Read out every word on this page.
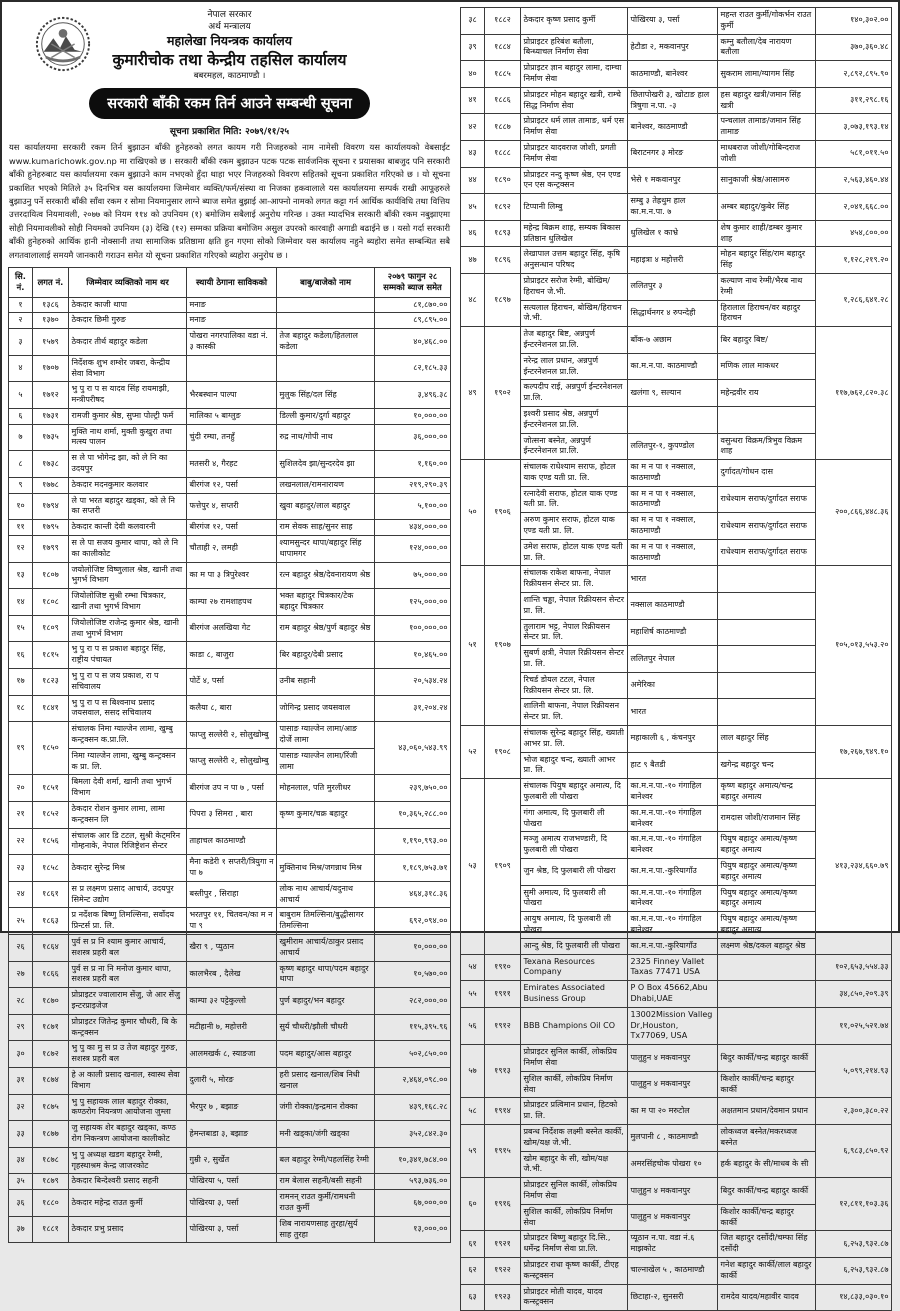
नेपाल सरकार
अर्थ मन्त्रालय
महालेखा नियन्त्रक कार्यालय
कुमारीचोक तथा केन्द्रीय तहसिल कार्यालय
बबरमहल, काठमाण्डौ ।
सरकारी बाँकी रकम तिर्न आउने सम्बन्धी सूचना
सूचना प्रकाशित मिति: २०७९/११/२५

यस कार्यालयमा सरकारी रकम तिर्न बुझाउन बाँकी हुनेहरुको लगत कायम गरी निजहरुको नाम नामेसी विवरण यस कार्यालयको वेबसाईट www.kumarichowk.gov.np मा राखिएको छ । सरकारी बाँकी रकम बुझाउन पटक पटक सार्वजनिक सूचना र प्रयासका बाबजुद पनि सरकारी बाँकी हुनेहरुबाट यस कार्यालयमा रकम बुझाउने काम नभएको हुँदा थाहा भएर निजहरुको विवरण सहितको सूचना प्रकाशित गरिएको छ । यो सूचना प्रकाशित भएको मितिले ३५ दिनभित्र यस कार्यालयमा जिम्मेवार व्यक्ति/फर्म/संस्था वा निजका हकवालाले यस कार्यालयमा सम्पर्क राखी आफूहरुले बुझाउनु पर्ने सरकारी बाँकी साँवा रकम र सोमा नियमानुसार लाग्ने ब्याज समेत बुझाई आ-आफ्नो नामको लगत कट्टा गर्न आर्थिक कार्यविधि तथा वित्तिय उत्तरदायित्व नियमावली, २०७७ को नियम ११४ को उपनियम (१) बमोजिम सबैलाई अनुरोध गरिन्छ । उक्त म्यादभित्र सरकारी बाँकी रकम नबुझाएमा सोही नियमावलीको सोही नियमको उपनियम (३) देखि (१२) सम्मका प्रक्रिया बमोजिम असुल उपरको कारवाही अगाडी बढाईने छ । यसो गर्दा सरकारी बाँकी हुनेहरुको आर्थिक हानी नोक्सानी तथा सामाजिक प्रतिष्ठामा क्षति हुन गएमा सोको जिम्मेवार यस कार्यालय नहुने ब्यहोरा समेत सम्बन्धित सबै लगतवालालाई समयमै जानकारी गराउन समेत यो सूचना प्रकाशित गरिएको ब्यहोरा अनुरोध छ ।

सि. नं.	लगत नं.	जिम्मेवार व्यक्तिको नाम थर	स्थायी ठेगाना साविकको	बाबु/बाजेको नाम	२०७९ फागुन २८ सम्मको ब्याज समेत
१	१३८६	ठेकदार काजी थापा	मनाङ		८१,८७०.००
२	१३७०	ठेकदार छिमी गुरुङ	मनाङ		८९,८९५.००
३	१५७९	ठेकदार तीर्थ बहादुर कडेला	पोखरा नगरपालिका वडा नं. ३ कास्की	तेज बहादुर कडेला/हितलाल कडेला	४०,४६८.००
४	१७०७	निर्देशक शुभ शम्शेर जबरा, केन्द्रीय सेवा विभाग			८२,१८५.३३
५	१७१२	भु पु रा प स यादव सिंह रायमाझी, मन्त्रीपरीषद	भैरबस्थान पाल्पा	मुलुक सिंह/दल सिंह	३,४९६.३८
६	१७३१	रामजी कुमार श्रेष्ठ, सुप्मा पोल्ट्री फर्म	मालिका ५ बाग्लुङ	डिल्ली कुमार/दुर्गा बहादुर	१०,०००.००
७	१७३५	मुक्ति नाथ शर्मा, मुक्ती कुखुरा तथा मत्स्य पालन	चुंदी रम्घा, तनहुँ	रुद्र नाथ/गोपी नाथ	३६,०००.००
८	१७३८	स ले पा भोगेन्द्र झा, को ले नि का उदयपुर	मतसरी ४, गैरहट	सुशिलदेव झा/सुन्दरदेव झा	१,१६०.००
९	१७७८	ठेकदार मदनकुमार कलवार	बीरगंज १२, पर्सा	लखनलाल/रामनारायण	२१९,२९०.३९
१०	१७९४	ले पा भरत बहादुर खड्का, को ले नि का सप्तरी	फत्तेपुर ४, सप्तरी	खुवा बहादुर/लाल बहादुर	५,१००.००
११	१७९५	ठेकदार कान्ती देवी कलवारनी	बीरगंज १२, पर्सा	राम सेवक साह/सुनर साह	४३४,०००.००
१२	१७९९	स ले पा सजय कुमार थापा, को ले नि का कालीकोट	चौताही २, लमही	श्यामसुन्दर थापा/बहादुर सिंह थापामगर	१२४,०००.००
१३	१८०७	जयोलोजिष्ट विष्णुलाल श्रेष्ठ, खानी तथा भुगर्भ विभाग	का म पा ३ त्रिपुरेश्वर	रत्न बहादुर श्रेष्ठ/देवनारायण श्रेष्ठ	७५,०००.००
१४	१८०८	जियोलोजिष्ट सुश्री रम्भा चित्रकार, खानी तथा भुगर्भ विभाग	काम्पा २७ रामशाहपथ	भक्त बहादुर चित्रकार/टेक बहादुर चित्रकार	१२५,०००.००
१५	१८०९	जियोलोजिष्ट राजेन्द्र कुमार श्रेष्ठ, खानी तथा भुगर्भ विभाग	बीरगंज अलखिया गेट	राम बहादुर श्रेष्ठ/पुर्ण बहादुर श्रेष्ठ	१००,०००.००
१६	१८१५	भु पु रा प स प्रकाश बहादुर सिंह, राष्ट्रीय पंचायत	काडा ८, बाजुरा	बिर बहादुर/देबी प्रसाद	१०,४६५.००
१७	१८२३	भु पु रा प स जय प्रकाश, रा प सचिवालय	पोर्टे ४, पर्सा	उनीब सहानी	२०,५३४.२४
१८	१८४१	भु पु रा प स बिश्वनाथ प्रसाद जयसवाल, ससद सचिवालय	कलैया ८, बारा	जोगिन्द्र प्रसाद जयसवाल	३१,२०४.२४
१९	१८५०	संचालक निमा ग्याल्जेन लामा, खुम्बु कन्ट्रक्सन क.प्रा.लि.	फाप्लु सल्लेरी २, सोलुखोम्बु	पासाङ ग्याल्जेन लामा/आङ दोर्जे लामा	४३,०६०,५४३.९९
		निमा ग्याल्जेन लामा, खुम्बु कन्ट्रक्सन क प्रा. लि.	फाप्लु सल्लेरी २, सोलुखोम्बु	पासाङ ग्याल्जेन लामा/रिंजी लामा	
२०	१८५१	बिमला देवी शर्मा, खानी तथा भुगर्भ विभाग	बीरगंज उप न पा ७ , पर्सा	मोहनलाल, पति मुरलीधर	२३९,७५०.००
२१	१८५२	ठेकदार रोशन कुमार लामा, लामा कन्ट्रक्सन लि	पिपरा ३ सिमरा , बारा	कृष्ण कुमार/चक्र बहादुर	१०,३६५,२८८.००
२२	१८५६	संचालक आर डि टटल, सुश्री केट्मरिन गोम्हनाके, नेपाल रिजिष्ट्रेशन सेन्टर	ताहाचल काठमाण्डौ		१,१९०,९९३.००
२३	१८५८	ठेकदार सुरेन्द्र मिश्र	मैना कडेरी १ सप्तरी/त्रियुगा न पा ७	मुक्तिनाथ मिश्र/जगन्नाथ मिश्र	१,१८९,७५३.७१
२४	१८६१	स प्र लक्ष्मण प्रसाद आचार्य, उदयपुर सिमेन्ट उद्योग	बस्तीपुर , सिराहा	लोक नाथ आचार्य/यदुनाथ आचार्य	४६४,३१८.३६
२५	१८६३	प्र नर्देशक बिष्णु तिमल्सिना, सर्वोदय प्रिन्टर्स प्रा. लि.	भरतपुर ११, चितवन/का म न पा ९	बाबुराम तिमल्सिना/बुद्धीसागर तिमल्सिना	६९२,०९४.००
२६	१८६४	पुर्व स प्र नि श्याम कुमार आचार्य, सशस्त्र प्रहरी बल	खैरा ९ , प्युठान	खुमीराम आचार्य/ठाकुर प्रसाद आचार्य	१०,०००.००
२७	१८६६	पुर्व स प्र ना नि मनोज कुमार थापा, सशस्त्र प्रहरी बल	कालभैरब , दैलेख	कृष्ण बहादुर थापा/पदम बहादुर थापा	१०,५७०.००
२८	१८७०	प्रोप्राइटर ज्वालाराम सेंजु, जे आर सेंजु इन्टरप्राइजेज	काम्पा ३२ पट्टेकुल्लो	पुर्ण बहादुर/भन बहादुर	२८२,०००.००
२९	१८७१	प्रोप्राइटर जितेन्द्र कुमार चौधरी, बि के कन्ट्रक्सन	मटीहानी ७, महोत्तरी	सुर्य चौधरी/झौली चौधरी	११५,३९५.९६
३०	१८७२	भु पु का मु स प्र उ तेज बहादुर गुरुङ, सशस्त्र प्रहरी बल	आलमखर्क ८, स्याङजा	पदम बहादुर/आस बहादुर	५०२,८५०.००
३१	१८७४	हे अ काली प्रसाद खनाल, स्वास्थ सेवा विभाग	दुलारी ५, मोरङ	हरी प्रसाद खनाल/शिब निधी खनाल	२,४६४,०९८.००
३२	१८७५	भु पु सहायक लाल बहादुर रोक्का, कण्ठरोग नियन्त्रण आयोजना जुम्ला	भैरपुर ७ , बझाङ	जंगी रोक्का/इन्द्रमान रोक्का	४३९,१६८.२८
३३	१८७७	जु सहायक शेर बहादुर खड्का, कण्ठ रोग निकन्त्रण आयोजना कालीकोट	हेमन्तबाडा ३, बझाङ	मनी खड्का/जंगी खड्का	३५२,८४२.३०
३४	१८७८	भु पु अध्यक्ष खडग बहादुर रेग्मी, गृहस्थाश्रम केन्द्र जाजरकोट	गुम्री २, सुर्खेत	बल बहादुर रेग्मी/पहलसिंह रेग्मी	१०,३४१,७८४.००
३५	१८७९	ठेकदार बिन्देश्वरी प्रसाद सहनी	पोखिरया ५, पर्सा	राम बेलास सहनी/बसी सहनी	५९३,७३६.००
३६	१८८०	ठेकदार महेन्द्र राउत कुर्मी	पोखिरया ३, पर्सा	रामनन् राउत कुर्मी/रामधनी राउत कुर्मी	६७,०००.००
३७	१८८१	ठेकदार प्रभु प्रसाद	पोखिरया ३, पर्सा	शिब नारायणसाह तुरहा/सुर्य साह तुरहा	१३,०००.००
३८	१८८२	ठेकदार कृष्ण प्रसाद कुर्मी	पोखिरया ३, पर्सा	महन्त राउत कुर्मी/गोकर्भन राउत कुर्मी	१४०,३०२.००
३९	१८८४	प्रोप्राइटर हरिबंश बतौला, बिन्ध्याचल निर्माण सेवा	हेटौडा २, मकवानपुर	कम्नु बतौला/देब नारायण बतौला	३७०,३६०.४८
४०	१८८५	प्रोप्राइटर ज्ञान बहादुर लामा, दाम्चा निर्माण सेवा	काठमाण्डौ, बानेश्वर	सुकराम लामा/ग्यागम सिंह	२,८९२,८९५.९०
४१	१८८६	प्रोप्राइटर मोहन बहादुर खत्री, राम्चे सिद्ध निर्माण सेवा	छितापोखरी ३, खोटाङ हाल त्रिषुगा न.पा. -३	हस बहादुर खत्री/जमान सिंह खत्री	३११,२९८.१६
४२	१८८७	प्रोप्राइटर धर्म लाल तामाङ, धर्म एस निर्माण सेवा	बानेश्वर, काठमाण्डौ	पन्चलाल तामाङ/जमान सिंह तामाङ	३,०७३,१९३.१४
४३	१८८८	प्रोप्राइटर यादवराज जोशी, प्रगती निर्माण सेवा	बिराटनगर ३ मोरङ	माधबराज जोशी/गोबिन्दराज जोशी	५८१,०११.५०
४४	१८९०	प्रोप्राइटर नन्दु कृष्ण श्रेष्ठ, एन एण्ड एन एस कन्ट्रक्सन	भेसे १ मकवानपुर	सानुकाजी श्रेष्ठ/आसामरु	२,५६३,४६०.४४
४५	१८९२	टिप्पानी लिम्बु	सम्बु ३ तेह्रथुम हाल का.म.न.पा. ७	अम्बर बहादुर/कुबेर सिंह	२,०४१,६६८.००
४६	१८९३	महेन्द्र बिक्रम शाह, सम्यक बिकास प्रतिष्ठान धुलिखेल	धुलिखेल १ काभ्रे	शेष कुमार शाही/डम्बर कुमार शाह	४५४,८००.००
४७	१८९६	लेखापाल उत्तम बहादुर सिंह, कृषि अनुसन्धान परिषद	महाइत्रा ४ महोत्तरी	मोहन बहादुर सिंह/राम बहादुर सिंह	१,१२८,२१९.२०
४८	१८९७	प्रोप्राइटर सरोज रेग्मी, बोखिम/हिराचन जे.भी.	ललितपुर ३	कल्याण नाथ रेग्मी/भैरब नाथ रेग्मी	१,२८६,६४१.२८
		सत्यलाल हिराचन, बोखिम/हिराचन जे.भी.	सिद्धार्थनगर ४ रुपन्देही	हिरालाल हिराचन/वर बहादुर हिराचन	
४९	१९०२	तेज बहादुर बिष्ट, अन्नपुर्ण ईन्टरनेशनल प्रा.लि.	बाँक-७ अछाम	बिर बहादुर बिष्ट/	११७,७६२,८२०.३८
		नरेन्द्र लाल प्रधान, अन्नपुर्ण ईन्टरनेशनल प्रा.लि.	का.म.न.पा. काठमाण्डौ	मणिक लाल माकधर	
		कल्पदीप राई, अन्नपुर्ण ईन्टरनेशनल प्रा.लि.	खलंगा ९, सल्यान	महेन्द्रवीर राय	
		इश्वरी प्रसाद श्रेष्ठ, अन्नपुर्ण ईन्टरनेशनल प्रा.लि.			
		जोत्सना बस्नेत, अन्नपुर्ण ईन्टरनेशनल प्रा.लि.	ललितपुर-१, कुपण्डोल	वसुन्धरा विक्रम/त्रिभुव विक्रम शाह	
५०	१९०६	संचालक राधेश्याम सराफ, होटल याक एण्ड यती प्रा. लि.	का म न पा १ नक्साल, काठमाण्डौ	दुर्गादत/गोधन दास	२००,८६६,४४८.३६
		रत्नादेवी सराफ, होटल याक एण्ड यती प्रा. लि.	का म न पा १ नक्साल, काठमाण्डौ	राधेश्याम सराफ/दुर्गादत सराफ	
		अरुण कुमार सराफ, होटल याक एण्ड यती प्रा. लि.	का म न पा १ नक्साल, काठमाण्डौ	राधेश्याम सराफ/दुर्गादत सराफ	
		उमेश सराफ, होटल याक एण्ड यती प्रा. लि.	का म न पा १ नक्साल, काठमाण्डौ	राधेश्याम सराफ/दुर्गादत सराफ	
५१	१९०७	संचालक राकेश बाफना, नेपाल रिक्रीयसन सेन्टर प्रा. लि.	भारत		१०५,०१३,५५३.२०
		शान्ति चड्ढा, नेपाल रिक्रीयसन सेन्टर प्रा. लि.	नक्साल काठमाण्डौ		
		तुलाराम भट्ट, नेपाल रिक्रीयसन सेन्टर प्रा. लि.	महाशिर्ष काठमाण्डौ		
		सुबर्ण क्षत्री, नेपाल रिक्रीयसन सेन्टर प्रा. लि.	ललितपुर नेपाल		
		रिचर्ड डोयल टटल, नेपाल रिक्रीयसन सेन्टर प्रा. लि.	अमेरिका		
		शालिनी बाफना, नेपाल रिक्रीयसन सेन्टर प्रा. लि.	भारत		
५२	१९०८	संचालक सुरेन्द्र बहादुर सिंह, ख्याती आभर प्रा. लि.	महाकाली ६ , कंचनपुर	लाल बहादुर सिंह	१७,२६७,९४९.१०
		भोज बहादुर चन्द, ख्याती आभर प्रा. लि.	हाट ९ बैतडी	खगेन्द्र बहादुर चन्द	
५३	१९०९	संचालक पियुष बहादुर अमात्य, दि फुलबारी ली पोखरा	का.म.न.पा.-१० गंगाहिल बानेश्वर	कृष्ण बहादुर अमात्य/चन्द्र बहादुर अमात्य	४१३,२३४,६६०.७९
		गंगा अमात्य, दि फुलबारी ली पोखरा	का.म.न.पा.-१० गंगाहिल बानेश्वर	रामदास जोशी/राजमान सिंह	
		मञ्जु अमात्य राजभण्डारी, दि फुलबारी ली पोखरा	का.म.न.पा.-१० गंगाहिल बानेश्वर	पियुष बहादुर अमात्य/कृष्ण बहादुर अमात्य	
		जुन श्रेष्ठ, दि फुलबारी ली पोखरा	का.म.न.पा.-कुरियागाँउ	पियुष बहादुर अमात्य/कृष्ण बहादुर अमात्य	
		सुमी अमात्य, दि फुलबारी ली पोखरा	का.म.न.पा.-१० गंगाहिल बानेश्वर	पियुष बहादुर अमात्य/कृष्ण बहादुर अमात्य	
		आयुष अमात्य, दि फुलबारी ली पोखरा	का.म.न.पा.-१० गंगाहिल बानेश्वर	पियुष बहादुर अमात्य/कृष्ण बहादुर अमात्य	
		आन्दु श्रेष्ठ, दि फुलबारी ली पोखरा	का.म.न.पा.-कुरियागाँउ	लक्ष्मण श्रेष्ठ/दकल बहादुर श्रेष्ठ	
५४	१९१०	Texana Resources Company	2325 Finney Vallet Taxas 77471 USA		१०२,६५३,५५४.३३
५५	१९११	Emirates Associated Business Group	P O Box 45662,Abu Dhabi,UAE		३४,८५०,२०९.३९
५६	१९१२	BBB Champions Oil CO	13002Mission Valleg Dr,Houston, Tx77069, USA		११,०२५,५२१.७४
५७	१९१३	प्रोप्राइटर सुनिल कार्की, लोकप्रिय निर्माण सेवा	पालुहुन ४ मकवानपुर	बिदुर कार्की/चन्द्र बहादुर कार्की	५,०९९,२१४.९३
		सुशिल कार्की, लोकप्रिय निर्माण सेवा	पालुहुन ४ मकवानपुर	किशोर कार्की/चन्द्र बहादुर कार्की	
५८	१९१४	प्रोप्राइटर प्रत्विमान प्रधान, हिटको प्रा. लि.	का म पा २० मरुटोल	अक्षतमान प्रधान/देवमान प्रधान	२,३००,३८०.२२
५९	१९१५	प्रबन्ध निर्देशक लक्ष्मी बस्नेत कार्की, खोम/यक्ष जे.भी.	मुलपानी ८ , काठमाण्डौ	लोकध्वज बस्नेत/मकरध्वज बस्नेत	६,९८३,८५०.९२
		खोम बहादुर के सी, खोम/यक्ष जे.भी.	अमरसिंहचोक पोखरा १०	हर्क बहादुर के सी/माधब के सी	
६०	१९१६	प्रोप्राइटर सुनिल कार्की, लोकप्रिय निर्माण सेवा	पालुहुन ४ मकवानपुर	बिदुर कार्की/चन्द्र बहादुर कार्की	१२,८११,१०३.३६
		सुशिल कार्की, लोकप्रिय निर्माण सेवा	पालुहुन ४ मकवानपुर	किशोर कार्की/चन्द्र बहादुर कार्की	
६१	१९२१	प्रोप्राइटर बिष्णु बहादुर दि.सि., धर्मेन्द्र निर्माण सेवा प्रा.लि.	प्यूठान न.पा. वडा नं.६ माझकोट	जित बहादुर दर्सोदी/चम्फा सिंह दर्सोदी	६,२५३,९३२.८७
६२	१९२२	प्रोप्राइटर राधा कृष्ण कार्की, टीएह कन्स्ट्रक्सन	चाल्नाखेल ५ , काठमाण्डौ	गनेश बहादुर कार्की/लाल बहादुर कार्की	६,२५३,९३२.८७
६३	१९२३	प्रोप्राइटर मोती यादव, यादव कन्स्ट्रक्सन	छिटाहा-२, सुनसरी	रामदेव यादव/महावीर यादव	१४,८३३,०३०.१०
